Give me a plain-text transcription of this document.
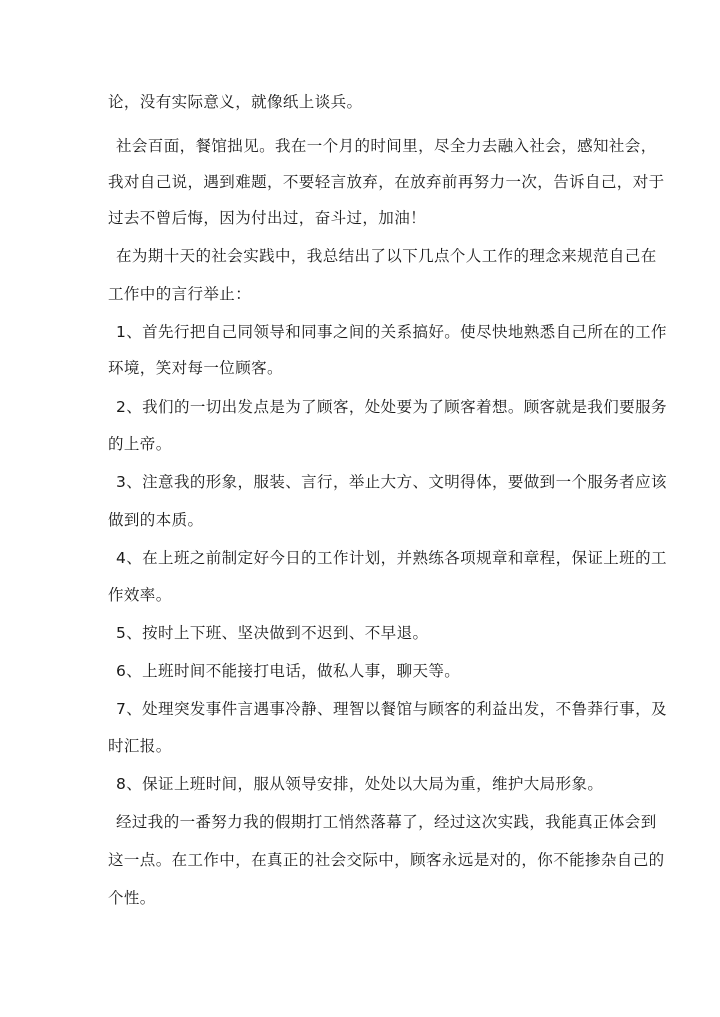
论，没有实际意义，就像纸上谈兵。
社会百面，餐馆拙见。我在一个月的时间里，尽全力去融入社会，感知社会，
我对自己说，遇到难题，不要轻言放弃，在放弃前再努力一次，告诉自己，对于
过去不曾后悔，因为付出过，奋斗过，加油！
在为期十天的社会实践中，我总结出了以下几点个人工作的理念来规范自己在
工作中的言行举止：
1、首先行把自己同领导和同事之间的关系搞好。使尽快地熟悉自己所在的工作
环境，笑对每一位顾客。
2、我们的一切出发点是为了顾客，处处要为了顾客着想。顾客就是我们要服务
的上帝。
3、注意我的形象，服装、言行，举止大方、文明得体，要做到一个服务者应该
做到的本质。
4、在上班之前制定好今日的工作计划，并熟练各项规章和章程，保证上班的工
作效率。
5、按时上下班、坚决做到不迟到、不早退。
6、上班时间不能接打电话，做私人事，聊天等。
7、处理突发事件言遇事冷静、理智以餐馆与顾客的利益出发，不鲁莽行事，及
时汇报。
8、保证上班时间，服从领导安排，处处以大局为重，维护大局形象。
经过我的一番努力我的假期打工悄然落幕了，经过这次实践，我能真正体会到
这一点。在工作中，在真正的社会交际中，顾客永远是对的，你不能掺杂自己的
个性。
